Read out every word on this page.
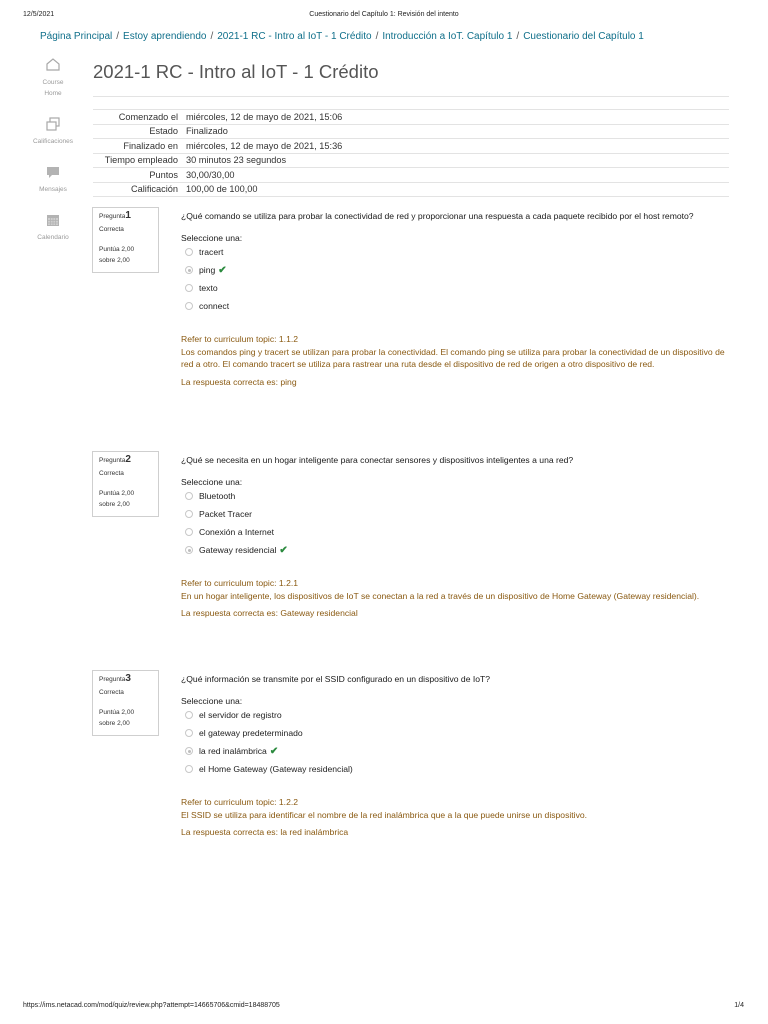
12/5/2021	Cuestionario del Capítulo 1: Revisión del intento
Página Principal / Estoy aprendiendo / 2021-1 RC - Intro al IoT - 1 Crédito / Introducción a IoT. Capítulo 1 / Cuestionario del Capítulo 1
Course
Home
Calificaciones
Mensajes
Calendario
2021-1 RC - Intro al IoT - 1 Crédito
Comenzado el	miércoles, 12 de mayo de 2021, 15:06
Estado	Finalizado
Finalizado en	miércoles, 12 de mayo de 2021, 15:36
Tiempo empleado	30 minutos 23 segundos
Puntos	30,00/30,00
Calificación	100,00 de 100,00
Pregunta1
Correcta
Puntúa 2,00
sobre 2,00
¿Qué comando se utiliza para probar la conectividad de red y proporcionar una respuesta a cada paquete recibido por el host remoto?
Seleccione una:
tracert
ping ✔
texto
connect
Refer to curriculum topic: 1.1.2
Los comandos ping y tracert se utilizan para probar la conectividad. El comando ping se utiliza para probar la conectividad de un dispositivo de red a otro. El comando tracert se utiliza para rastrear una ruta desde el dispositivo de red de origen a otro dispositivo de red.
La respuesta correcta es: ping
Pregunta2
Correcta
Puntúa 2,00
sobre 2,00
¿Qué se necesita en un hogar inteligente para conectar sensores y dispositivos inteligentes a una red?
Seleccione una:
Bluetooth
Packet Tracer
Conexión a Internet
Gateway residencial ✔
Refer to curriculum topic: 1.2.1
En un hogar inteligente, los dispositivos de IoT se conectan a la red a través de un dispositivo de Home Gateway (Gateway residencial).
La respuesta correcta es: Gateway residencial
Pregunta3
Correcta
Puntúa 2,00
sobre 2,00
¿Qué información se transmite por el SSID configurado en un dispositivo de IoT?
Seleccione una:
el servidor de registro
el gateway predeterminado
la red inalámbrica ✔
el Home Gateway (Gateway residencial)
Refer to curriculum topic: 1.2.2
El SSID se utiliza para identificar el nombre de la red inalámbrica que a la que puede unirse un dispositivo.
La respuesta correcta es: la red inalámbrica
https://ims.netacad.com/mod/quiz/review.php?attempt=14665706&cmid=18488705	1/4
